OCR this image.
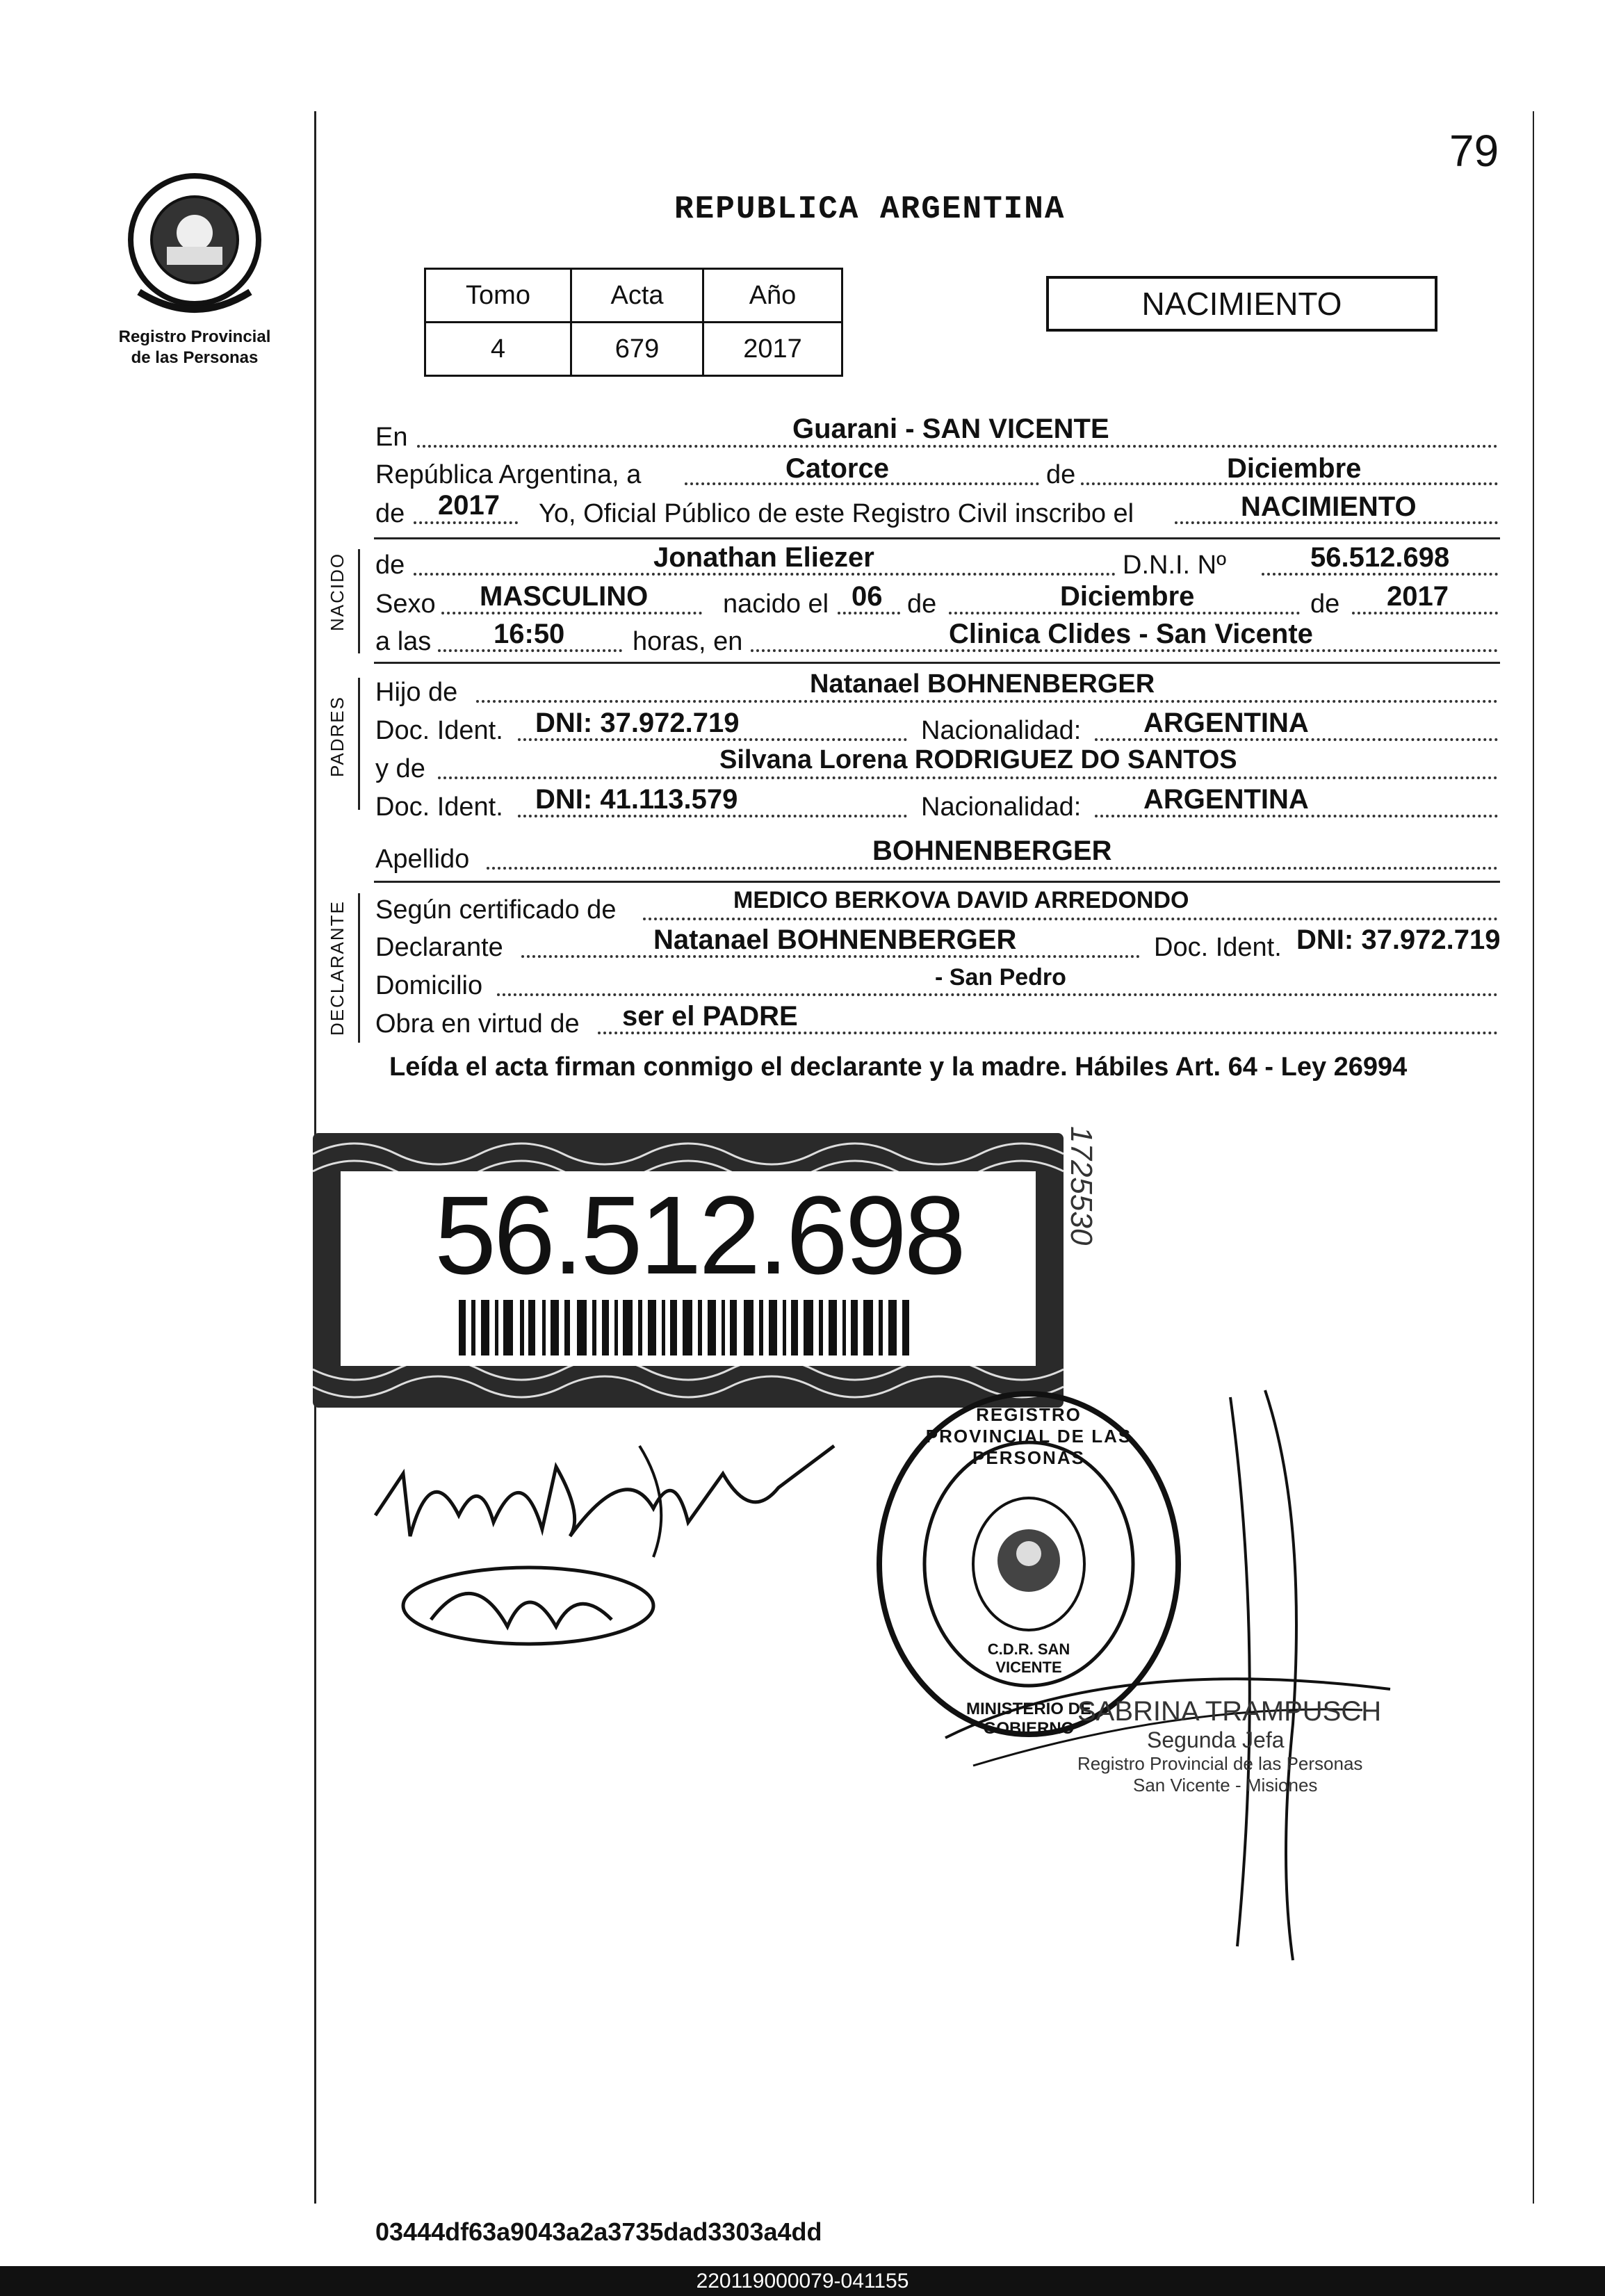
79
Registro Provincial
de las Personas
REPUBLICA ARGENTINA
Tomo	Acta	Año
4	679	2017
NACIMIENTO
En	Guarani - SAN VICENTE
República Argentina, a	Catorce	de	Diciembre
de 2017 Yo, Oficial Público de este Registro Civil inscribo el	NACIMIENTO
NACIDO de	Jonathan Eliezer	D.N.I. Nº	56.512.698
Sexo MASCULINO	nacido el 06 de	Diciembre	de 2017
a las 16:50	horas, en	Clinica Clides - San Vicente
PADRES
Hijo de	Natanael BOHNENBERGER
Doc. Ident. DNI: 37.972.719	Nacionalidad: ARGENTINA
y de	Silvana Lorena RODRIGUEZ DO SANTOS
Doc. Ident. DNI: 41.113.579	Nacionalidad: ARGENTINA
Apellido	BOHNENBERGER
DECLARANTE Según certificado de	MEDICO BERKOVA DAVID ARREDONDO
Declarante	Natanael BOHNENBERGER	Doc. Ident. DNI: 37.972.719
Domicilio	- San Pedro
Obra en virtud de ser el PADRE
Leída el acta firman conmigo el declarante y la madre. Hábiles Art. 64 - Ley 26994
56.512.698	1725530
REGISTRO PROVINCIAL DE LAS PERSONAS
C.D.R. SAN VICENTE
MINISTERIO DE GOBIERNO
SABRINA TRAMPUSCH
Segunda Jefa
Registro Provincial de las Personas
San Vicente - Misiones
03444df63a9043a2a3735dad3303a4dd
220119000079-041155
